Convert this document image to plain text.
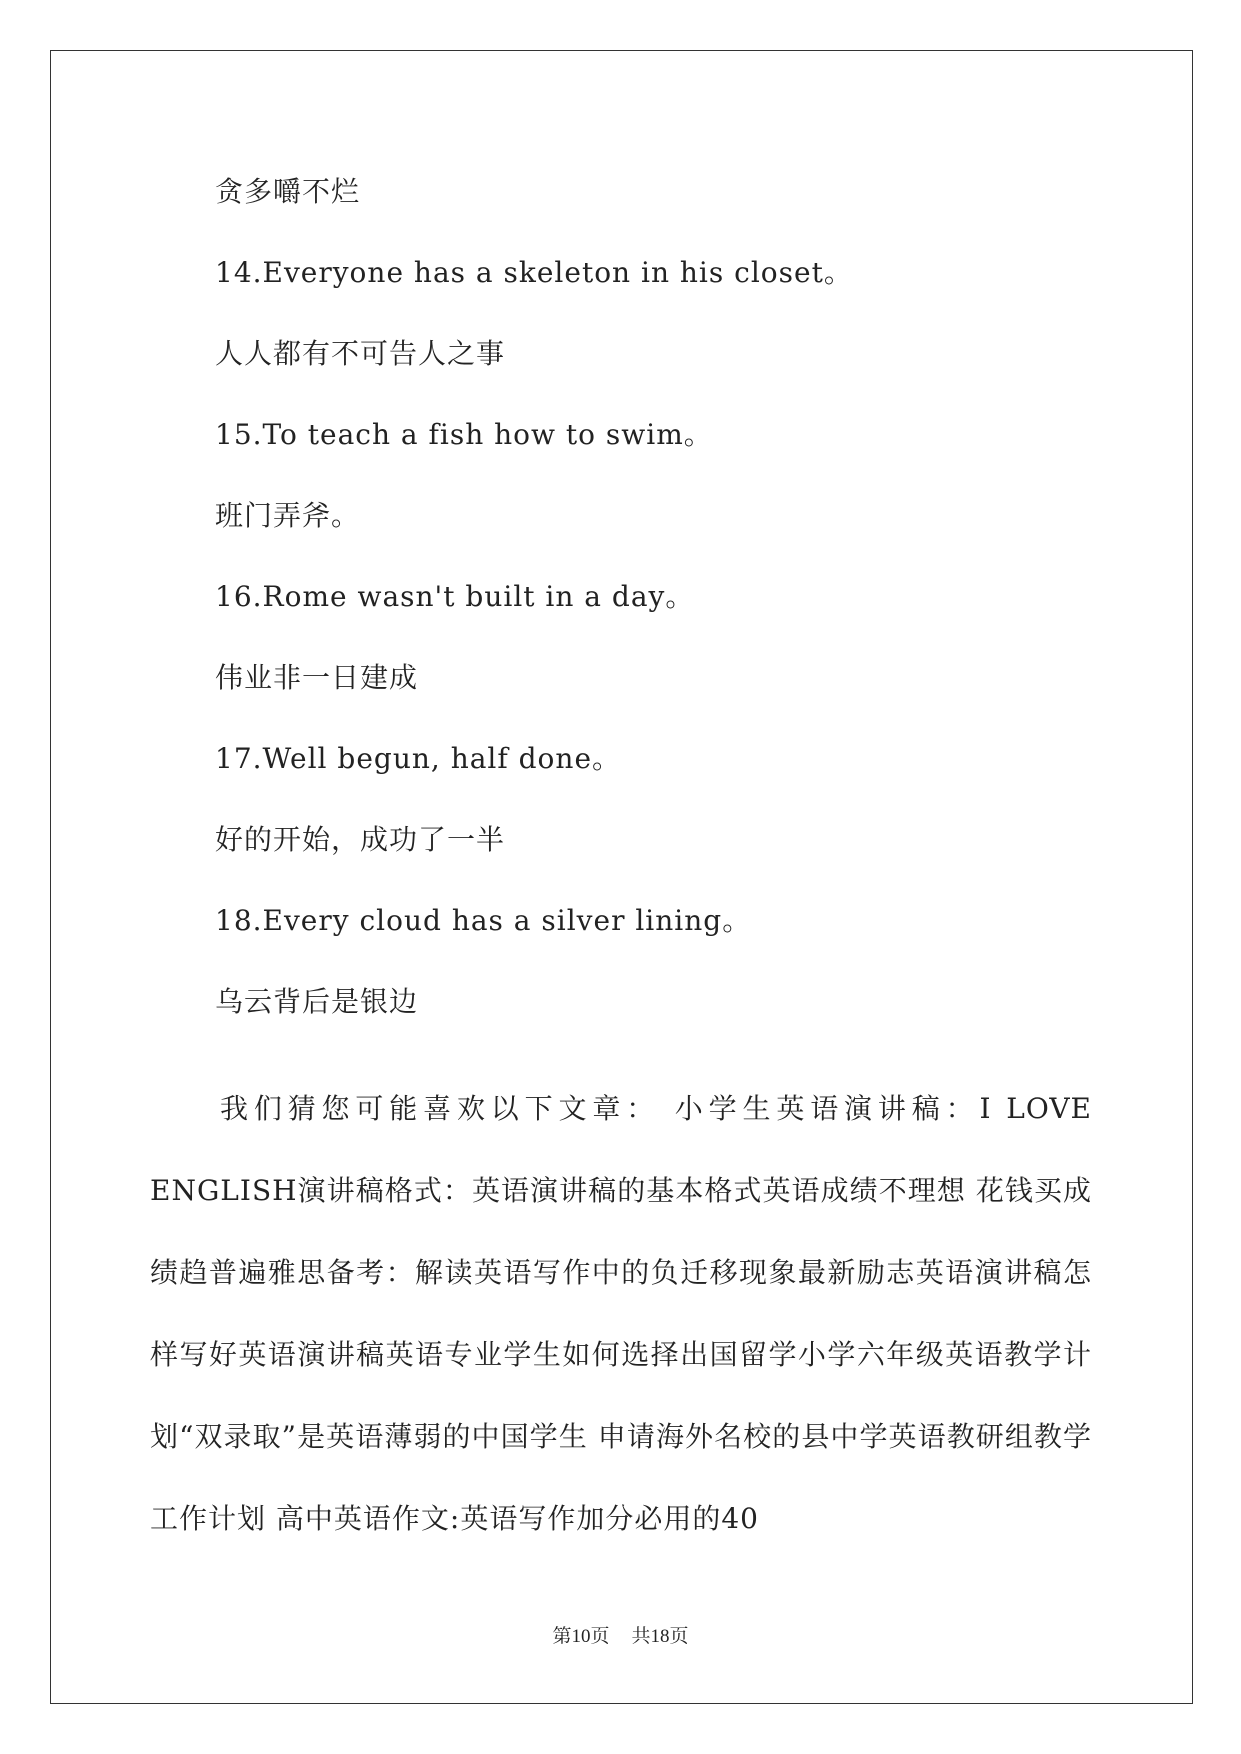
贪多嚼不烂
14.Everyone has a skeleton in his closet。
人人都有不可告人之事
15.To teach a fish how to swim。
班门弄斧。
16.Rome wasn't built in a day。
伟业非一日建成
17.Well begun, half done。
好的开始，成功了一半
18.Every cloud has a silver lining。
乌云背后是银边
我们猜您可能喜欢以下文章： 小学生英语演讲稿：I LOVE ENGLISH演讲稿格式：英语演讲稿的基本格式英语成绩不理想 花钱买成绩趋普遍雅思备考：解读英语写作中的负迁移现象最新励志英语演讲稿怎样写好英语演讲稿英语专业学生如何选择出国留学小学六年级英语教学计划“双录取”是英语薄弱的中国学生 申请海外名校的县中学英语教研组教学工作计划 高中英语作文:英语写作加分必用的40
第10页 共18页
